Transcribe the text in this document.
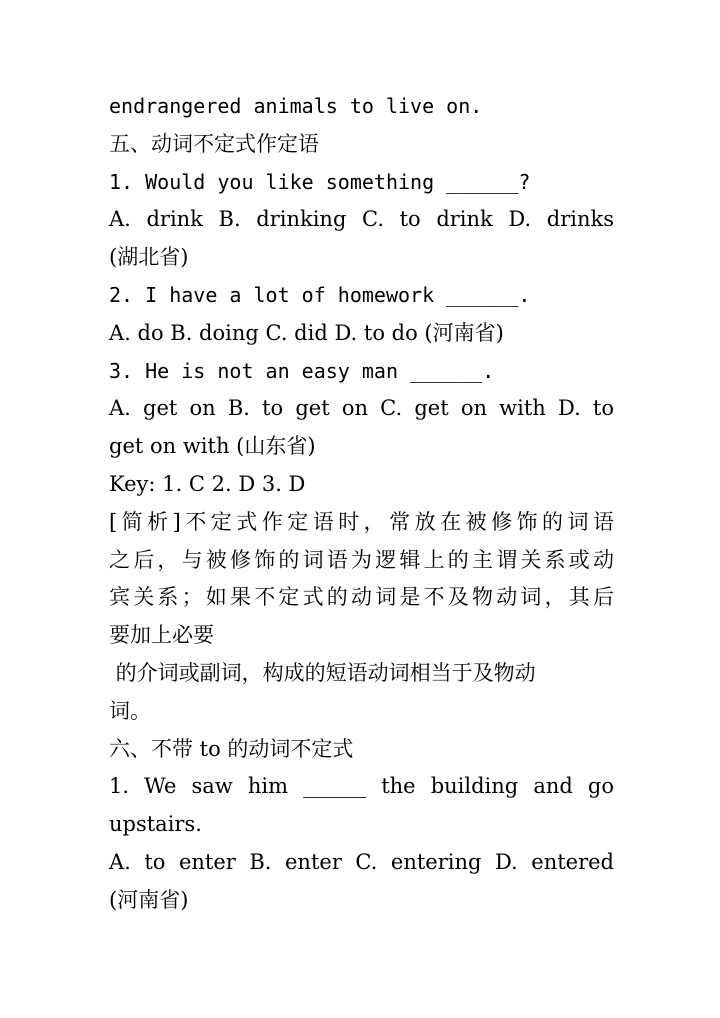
endrangered animals to live on.
五、动词不定式作定语
1. Would you like something ______?
A. drink B. drinking C. to drink D. drinks
(湖北省)
2. I have a lot of homework ______.
A. do B. doing C. did D. to do (河南省)
3. He is not an easy man ______.
A. get on B. to get on C. get on with D. to
get on with (山东省)
Key: 1. C 2. D 3. D
[简析]不定式作定语时，常放在被修饰的词语
之后，与被修饰的词语为逻辑上的主谓关系或动
宾关系；如果不定式的动词是不及物动词，其后
要加上必要
的介词或副词，构成的短语动词相当于及物动
词。
六、不带 to 的动词不定式
1. We saw him ______ the building and go
upstairs.
A. to enter B. enter C. entering D. entered
(河南省)
